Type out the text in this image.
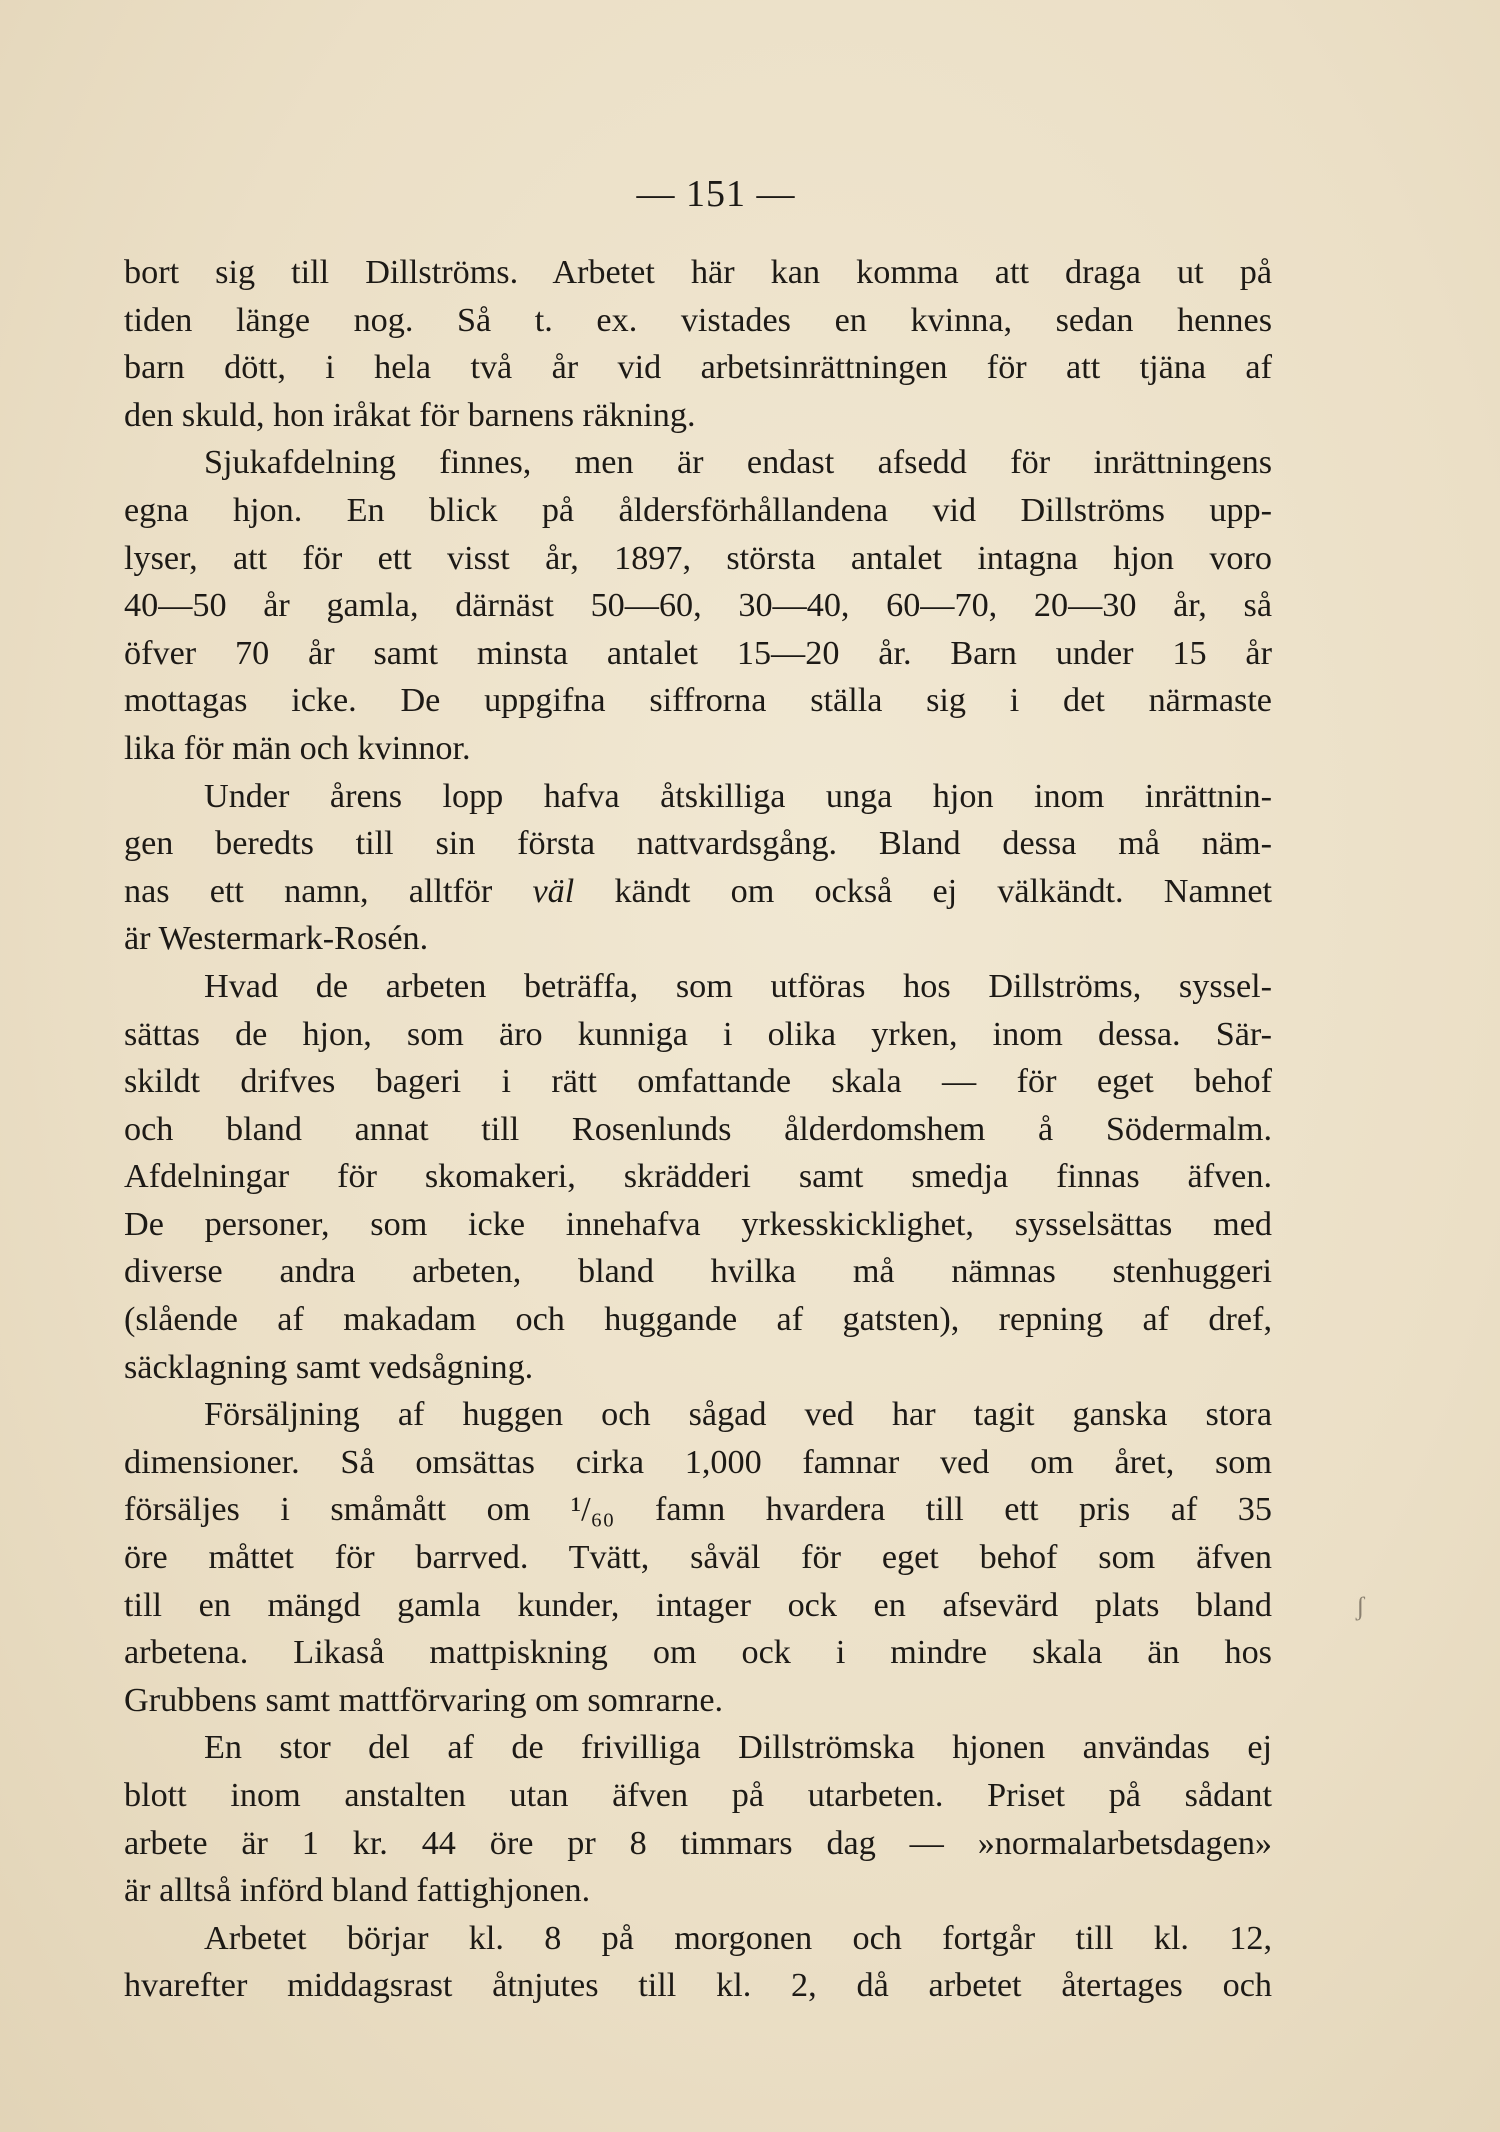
— 151 —
bort sig till Dillströms. Arbetet här kan komma att draga ut på
tiden länge nog. Så t. ex. vistades en kvinna, sedan hennes
barn dött, i hela två år vid arbetsinrättningen för att tjäna af
den skuld, hon iråkat för barnens räkning.
Sjukafdelning finnes, men är endast afsedd för inrättningens
egna hjon. En blick på åldersförhållandena vid Dillströms upp-
lyser, att för ett visst år, 1897, största antalet intagna hjon voro
40—50 år gamla, därnäst 50—60, 30—40, 60—70, 20—30 år, så
öfver 70 år samt minsta antalet 15—20 år. Barn under 15 år
mottagas icke. De uppgifna siffrorna ställa sig i det närmaste
lika för män och kvinnor.
Under årens lopp hafva åtskilliga unga hjon inom inrättnin-
gen beredts till sin första nattvardsgång. Bland dessa må näm-
nas ett namn, alltför väl kändt om också ej välkändt. Namnet
är Westermark-Rosén.
Hvad de arbeten beträffa, som utföras hos Dillströms, syssel-
sättas de hjon, som äro kunniga i olika yrken, inom dessa. Sär-
skildt drifves bageri i rätt omfattande skala — för eget behof
och bland annat till Rosenlunds ålderdomshem å Södermalm.
Afdelningar för skomakeri, skrädderi samt smedja finnas äfven.
De personer, som icke innehafva yrkesskicklighet, sysselsättas med
diverse andra arbeten, bland hvilka må nämnas stenhuggeri
(slående af makadam och huggande af gatsten), repning af dref,
säcklagning samt vedsågning.
Försäljning af huggen och sågad ved har tagit ganska stora
dimensioner. Så omsättas cirka 1,000 famnar ved om året, som
försäljes i småmått om ¹/₆₀ famn hvardera till ett pris af 35
öre måttet för barrved. Tvätt, såväl för eget behof som äfven
till en mängd gamla kunder, intager ock en afsevärd plats bland
arbetena. Likaså mattpiskning om ock i mindre skala än hos
Grubbens samt mattförvaring om somrarne.
En stor del af de frivilliga Dillströmska hjonen användas ej
blott inom anstalten utan äfven på utarbeten. Priset på sådant
arbete är 1 kr. 44 öre pr 8 timmars dag — »normalarbetsdagen»
är alltså införd bland fattighjonen.
Arbetet börjar kl. 8 på morgonen och fortgår till kl. 12,
hvarefter middagsrast åtnjutes till kl. 2, då arbetet återtages och
ʃ
